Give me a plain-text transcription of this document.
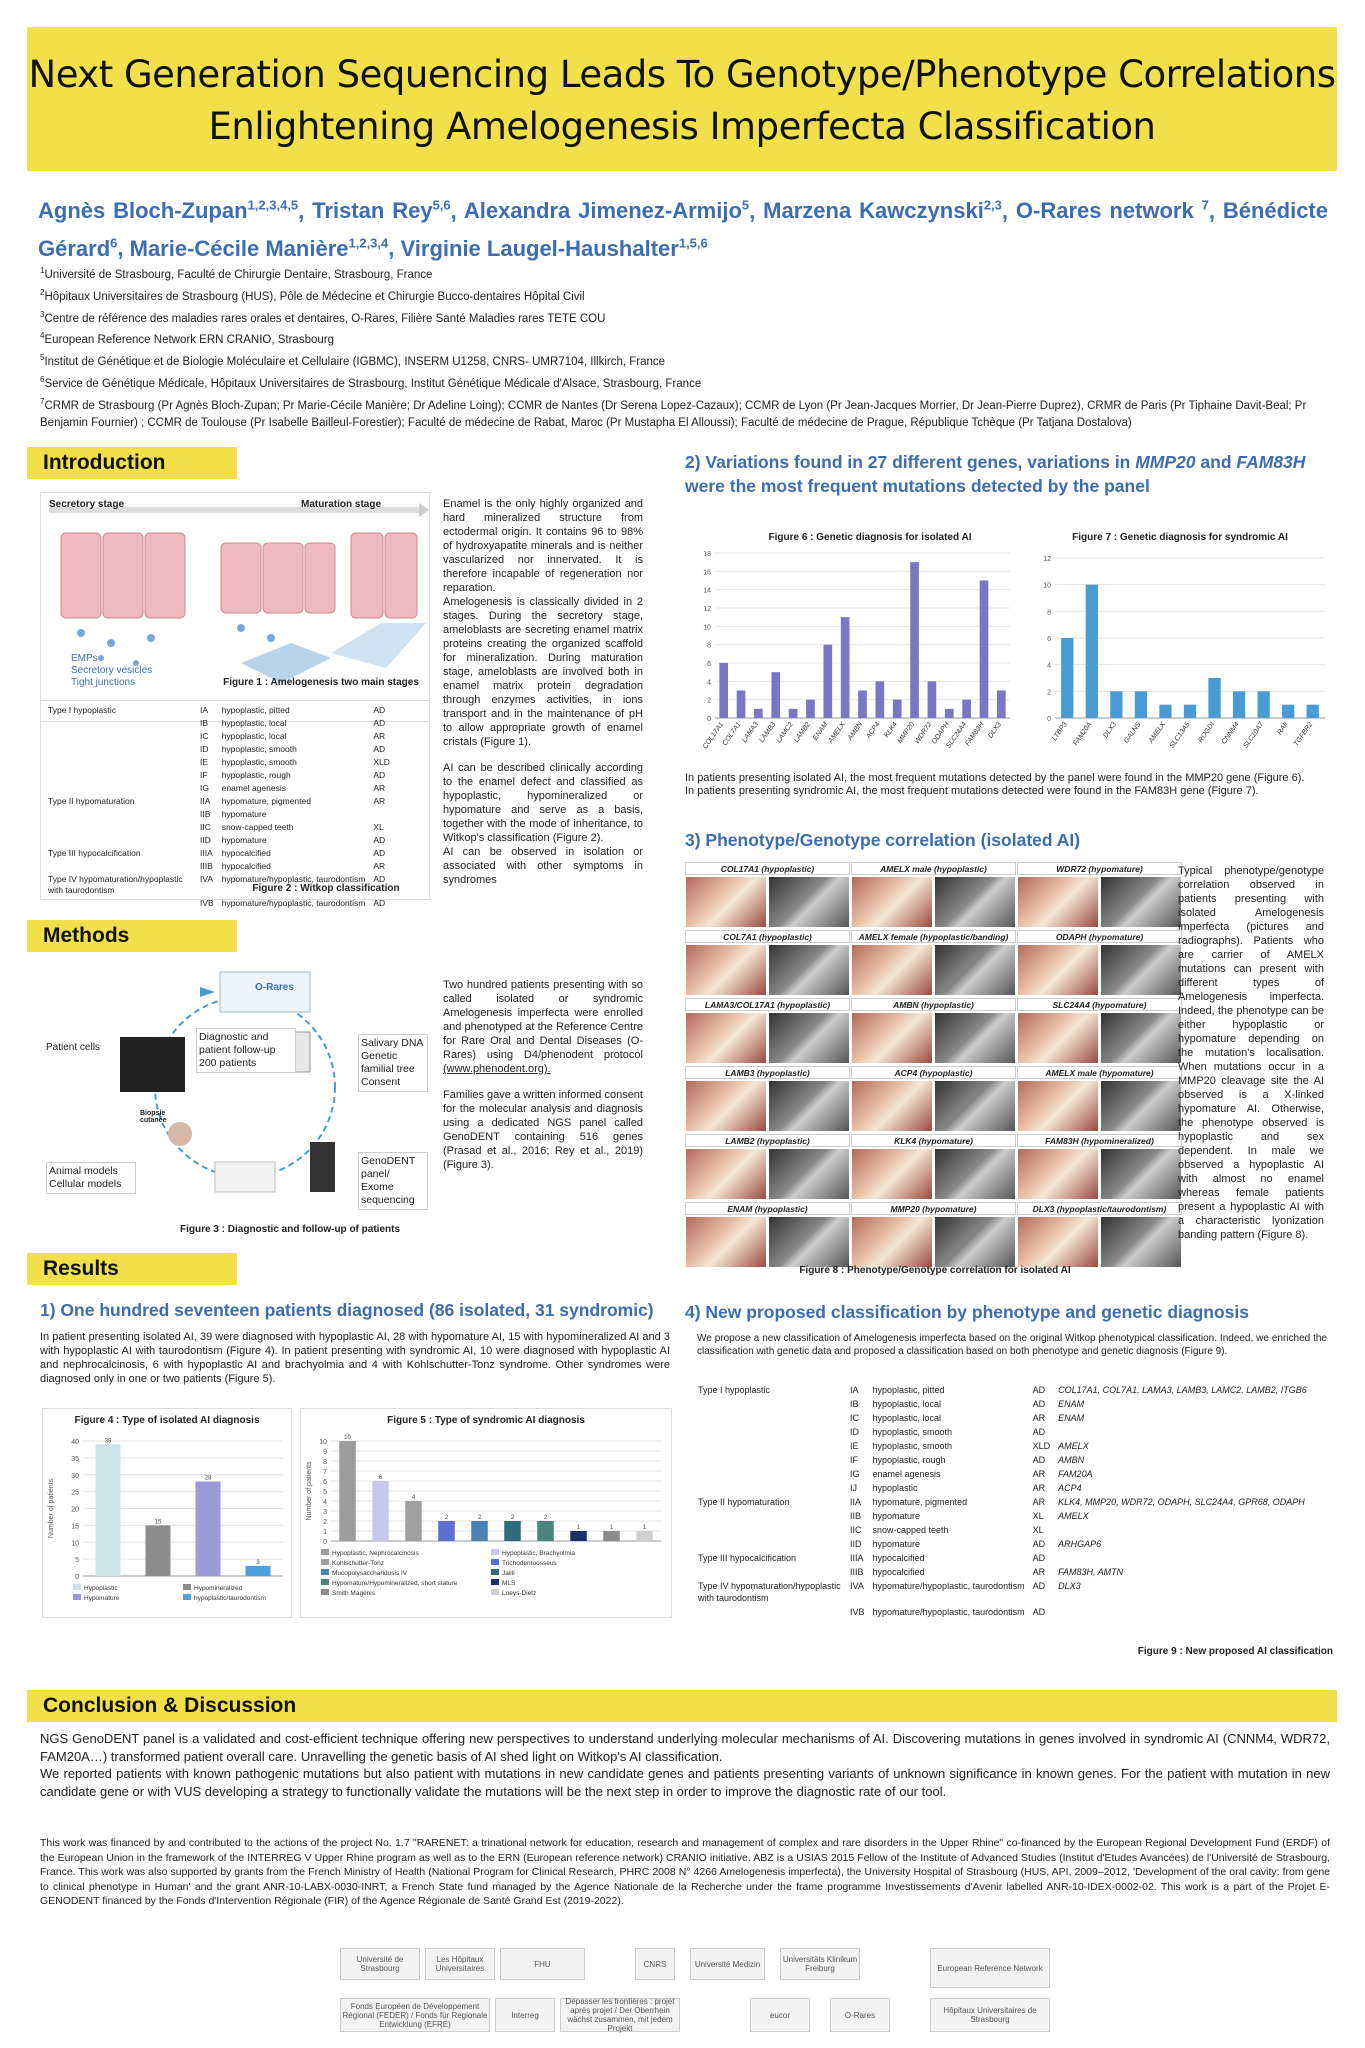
Next Generation Sequencing Leads To Genotype/Phenotype Correlations
Enlightening Amelogenesis Imperfecta Classification
Agnès Bloch-Zupan$^{1,2,3,4,5}$, Tristan Rey$^{5,6}$, Alexandra Jimenez-Armijo$^5$, Marzena Kawczynski$^{2,3}$, O-Rares network $^7$, Bénédicte Gérard$^6$, Marie-Cécile Manière$^{1,2,3,4}$, Virginie Laugel-Haushalter$^{1,5,6}$
$^1$Université de Strasbourg, Faculté de Chirurgie Dentaire, Strasbourg, France
$^2$Hôpitaux Universitaires de Strasbourg (HUS), Pôle de Médecine et Chirurgie Bucco-dentaires Hôpital Civil
$^3$Centre de référence des maladies rares orales et dentaires, O-Rares, Filière Santé Maladies rares TETE COU
$^4$European Reference Network ERN CRANIO, Strasbourg
$^5$Institut de Génétique et de Biologie Moléculaire et Cellulaire (IGBMC), INSERM U1258, CNRS- UMR7104, Illkirch, France
$^6$Service de Génétique Médicale, Hôpitaux Universitaires de Strasbourg, Institut Génétique Médicale d'Alsace, Strasbourg, France
$^7$CRMR de Strasbourg (Pr Agnès Bloch-Zupan; Pr Marie-Cécile Manière; Dr Adeline Loing); CCMR de Nantes (Dr Serena Lopez-Cazaux); CCMR de Lyon (Pr Jean-Jacques Morrier, Dr Jean-Pierre Duprez), CRMR de Paris (Pr Tiphaine Davit-Beal; Pr Benjamin Fournier) ; CCMR de Toulouse (Pr Isabelle Bailleul-Forestier); Faculté de médecine de Rabat, Maroc (Pr Mustapha El Alloussi); Faculté de médecine de Prague, République Tchèque (Pr Tatjana Dostalova)
Introduction
Secretory stage	Maturation stage
EMPs
Secretory vesicles
Tight junctions	Figure 1 : Amelogenesis two main stages
Type I hypoplastic	IA	hypoplastic, pitted	AD
	IB	hypoplastic, local	AD
	IC	hypoplastic, local	AR
	ID	hypoplastic, smooth	AD
	IE	hypoplastic, smooth	XLD
	IF	hypoplastic, rough	AD
	IG	enamel agenesis	AR
Type II hypomaturation	IIA	hypomature, pigmented	AR
	IIB	hypomature	
	IIC	snow-capped teeth	XL
	IID	hypomature	AD
Type III hypocalcification	IIIA	hypocalcified	AD
	IIIB	hypocalcified	AR
Type IV hypomaturation/hypoplastic with taurodontism	IVA	hypomature/hypoplastic, taurodontism	AD
	IVB	hypomature/hypoplastic, taurodontism	AD
Figure 2 : Witkop classification

Enamel is the only highly organized and hard mineralized structure from ectodermal origin. It contains 96 to 98% of hydroxyapatite minerals and is neither vascularized nor innervated. It is therefore incapable of regeneration nor reparation.

Amelogenesis is classically divided in 2 stages. During the secretory stage, ameloblasts are secreting enamel matrix proteins creating the organized scaffold for mineralization. During maturation stage, ameloblasts are involved both in enamel matrix protein degradation through enzymes activities, in ions transport and in the maintenance of pH to allow appropriate growth of enamel cristals (Figure 1).

AI can be described clinically according to the enamel defect and classified as hypoplastic, hypomineralized or hypomature and serve as a basis, together with the mode of inheritance, to Witkop's classification (Figure 2).

AI can be observed in isolation or associated with other symptoms in syndromes

Methods
Patient cells
Diagnostic and patient follow-up 200 patients
Salivary DNA Genetic familial tree Consent
Animal models Cellular models
GenoDENT panel/ Exome sequencing
Biopsie cutanée
O-Rares
Figure 3 : Diagnostic and follow-up of patients

Two hundred patients presenting with so called isolated or syndromic Amelogenesis imperfecta were enrolled and phenotyped at the Reference Centre for Rare Oral and Dental Diseases (O-Rares) using D4/phenodent protocol (www.phenodent.org).

Families gave a written informed consent for the molecular analysis and diagnosis using a dedicated NGS panel called GenoDENT containing 516 genes (Prasad et al., 2016; Rey et al., 2019) (Figure 3).

Results
1) One hundred seventeen patients diagnosed (86 isolated, 31 syndromic)
In patient presenting isolated AI, 39 were diagnosed with hypoplastic AI, 28 with hypomature AI, 15 with hypomineralized AI and 3 with hypoplastic AI with taurodontism (Figure 4). In patient presenting with syndromic AI, 10 were diagnosed with hypoplastic AI and nephrocalcinosis, 6 with hypoplastic AI and brachyolmia and 4 with Kohlschutter-Tonz syndrome. Other syndromes were diagnosed only in one or two patients (Figure 5).
Figure 4 : Type of isolated AI diagnosis
0
5
10
15
20
25
30
35
40	39
15
28
3
Number of patients
Hypoplastic	Hypomineralized
Hypomature	hypoplastic/taurodontism
Figure 5 : Type of syndromic AI diagnosis
0
1
2
3
4
5
6
7
8
9
10
10
6
4
2	2	2	2
1	1	1
Number of patients
Hypoplastic, Nephrocalcinosis	Hypoplastic, Brachyolmia
Kohlschutter-Tonz	Trichodentoosseus
Mucopolysaccharidosis IV	Jalili
Hypomature/Hypomineralized, short stature	MLS
Smith Magenis	Loeys-Dietz
2) Variations found in 27 different genes, variations in MMP20 and FAM83H
were the most frequent mutations detected by the panel
Figure 6 : Genetic diagnosis for isolated AI
0
2
4
6
8
10
12
14
16
18
COL17A1
COL7A1
LAMA3
LAMB3
LAMC2
LAMB2 ENAM
AMELX AMBN ACP4 KLK4
MMP20
WDR72
ODAPH
SLC24A4
FAM83H DLX3
Figure 7 : Genetic diagnosis for syndromic AI
0
2
4
6
8
10
12
LTBP3 FAM20A DLX3 GALNS AMELX SLC13A5 ROGDI CNNM4 SLC10A7 RAII TGFBR2
In patients presenting isolated AI, the most frequent mutations detected by the panel were found in the MMP20 gene (Figure 6).
In patients presenting syndromic AI, the most frequent mutations detected were found in the FAM83H gene (Figure 7).
3) Phenotype/Genotype correlation (isolated AI)
COL17A1 (hypoplastic)	AMELX male (hypoplastic)	WDR72 (hypomature)
COL7A1 (hypoplastic)	AMELX female (hypoplastic/banding)	ODAPH (hypomature)
LAMA3/COL17A1 (hypoplastic)	AMBN (hypoplastic)	SLC24A4 (hypomature)
LAMB3 (hypoplastic)	ACP4 (hypoplastic)	AMELX male (hypomature)
LAMB2 (hypoplastic)	KLK4 (hypomature)	FAM83H (hypomineralized)
ENAM (hypoplastic)	MMP20 (hypomature)	DLX3 (hypoplastic/taurodontism)
Figure 8 : Phenotype/Genotype correlation for isolated AI
Typical phenotype/genotype correlation observed in patients presenting with isolated Amelogenesis imperfecta (pictures and radiographs). Patients who are carrier of AMELX mutations can present with different types of Amelogenesis imperfecta. Indeed, the phenotype can be either hypoplastic or hypomature depending on the mutation's localisation. When mutations occur in a MMP20 cleavage site the AI observed is a X-linked hypomature AI. Otherwise, the phenotype observed is hypoplastic and sex dependent. In male we observed a hypoplastic AI with almost no enamel whereas female patients present a hypoplastic AI with a characteristic lyonization banding pattern (Figure 8).
4) New proposed classification by phenotype and genetic diagnosis
We propose a new classification of Amelogenesis imperfecta based on the original Witkop phenotypical classification. Indeed, we enriched the classification with genetic data and proposed a classification based on both phenotype and genetic diagnosis (Figure 9).
Type I hypoplastic	IA	hypoplastic, pitted	AD	COL17A1, COL7A1, LAMA3, LAMB3, LAMC2, LAMB2, ITGB6
	IB	hypoplastic, local	AD	ENAM
	IC	hypoplastic, local	AR	ENAM
	ID	hypoplastic, smooth	AD	
	IE	hypoplastic, smooth	XLD	AMELX
	IF	hypoplastic, rough	AD	AMBN
	IG	enamel agenesis	AR	FAM20A
	IJ	hypoplastic	AR	ACP4
Type II hypomaturation	IIA	hypomature, pigmented	AR	KLK4, MMP20, WDR72, ODAPH, SLC24A4, GPR68, ODAPH
	IIB	hypomature	XL	AMELX
	IIC	snow-capped teeth	XL	
	IID	hypomature	AD	ARHGAP6
Type III hypocalcification	IIIA	hypocalcified	AD	
	IIIB	hypocalcified	AR	FAM83H, AMTN
Type IV hypomaturation/hypoplastic with taurodontism	IVA	hypomature/hypoplastic, taurodontism	AD	DLX3
	IVB	hypomature/hypoplastic, taurodontism	AD	
Figure 9 : New proposed AI classification
Conclusion & Discussion

NGS GenoDENT panel is a validated and cost-efficient technique offering new perspectives to understand underlying molecular mechanisms of AI. Discovering mutations in genes involved in syndromic AI (CNNM4, WDR72, FAM20A…) transformed patient overall care. Unravelling the genetic basis of AI shed light on Witkop's AI classification.

We reported patients with known pathogenic mutations but also patient with mutations in new candidate genes and patients presenting variants of unknown significance in known genes. For the patient with mutation in new candidate gene or with VUS developing a strategy to functionally validate the mutations will be the next step in order to improve the diagnostic rate of our tool.

This work was financed by and contributed to the actions of the project No. 1.7 "RARENET: a trinational network for education, research and management of complex and rare disorders in the Upper Rhine" co-financed by the European Regional Development Fund (ERDF) of the European Union in the framework of the INTERREG V Upper Rhine program as well as to the ERN (European reference network) CRANIO initiative. ABZ is a USIAS 2015 Fellow of the Institute of Advanced Studies (Institut d'Etudes Avancées) de l'Université de Strasbourg, France. This work was also supported by grants from the French Ministry of Health (National Program for Clinical Research, PHRC 2008 N° 4266 Amelogenesis imperfecta), the University Hospital of Strasbourg (HUS, API, 2009–2012, 'Development of the oral cavity: from gene to clinical phenotype in Human' and the grant ANR-10-LABX-0030-INRT, a French State fund managed by the Agence Nationale de la Recherche under the frame programme Investissements d'Avenir labelled ANR-10-IDEX-0002-02. This work is a part of the Projet E-GENODENT financed by the Fonds d'Intervention Régionale (FIR) of the Agence Régionale de Santé Grand Est (2019-2022).
Université de Strasbourg
Les Hôpitaux Universitaires	FHU	CNRS	Université Medizin	Universitäts Klinikum Freiburg	European Reference Network
Fonds Européen de Développement Régional (FEDER) / Fonds für Regionale Entwicklung (EFRE)
Interreg
Dépasser les frontières : projet après projet / Der Oberrhein wächst zusammen, mit jedem Projekt
eucor	O-Rares	Hôpitaux Universitaires de Strasbourg
